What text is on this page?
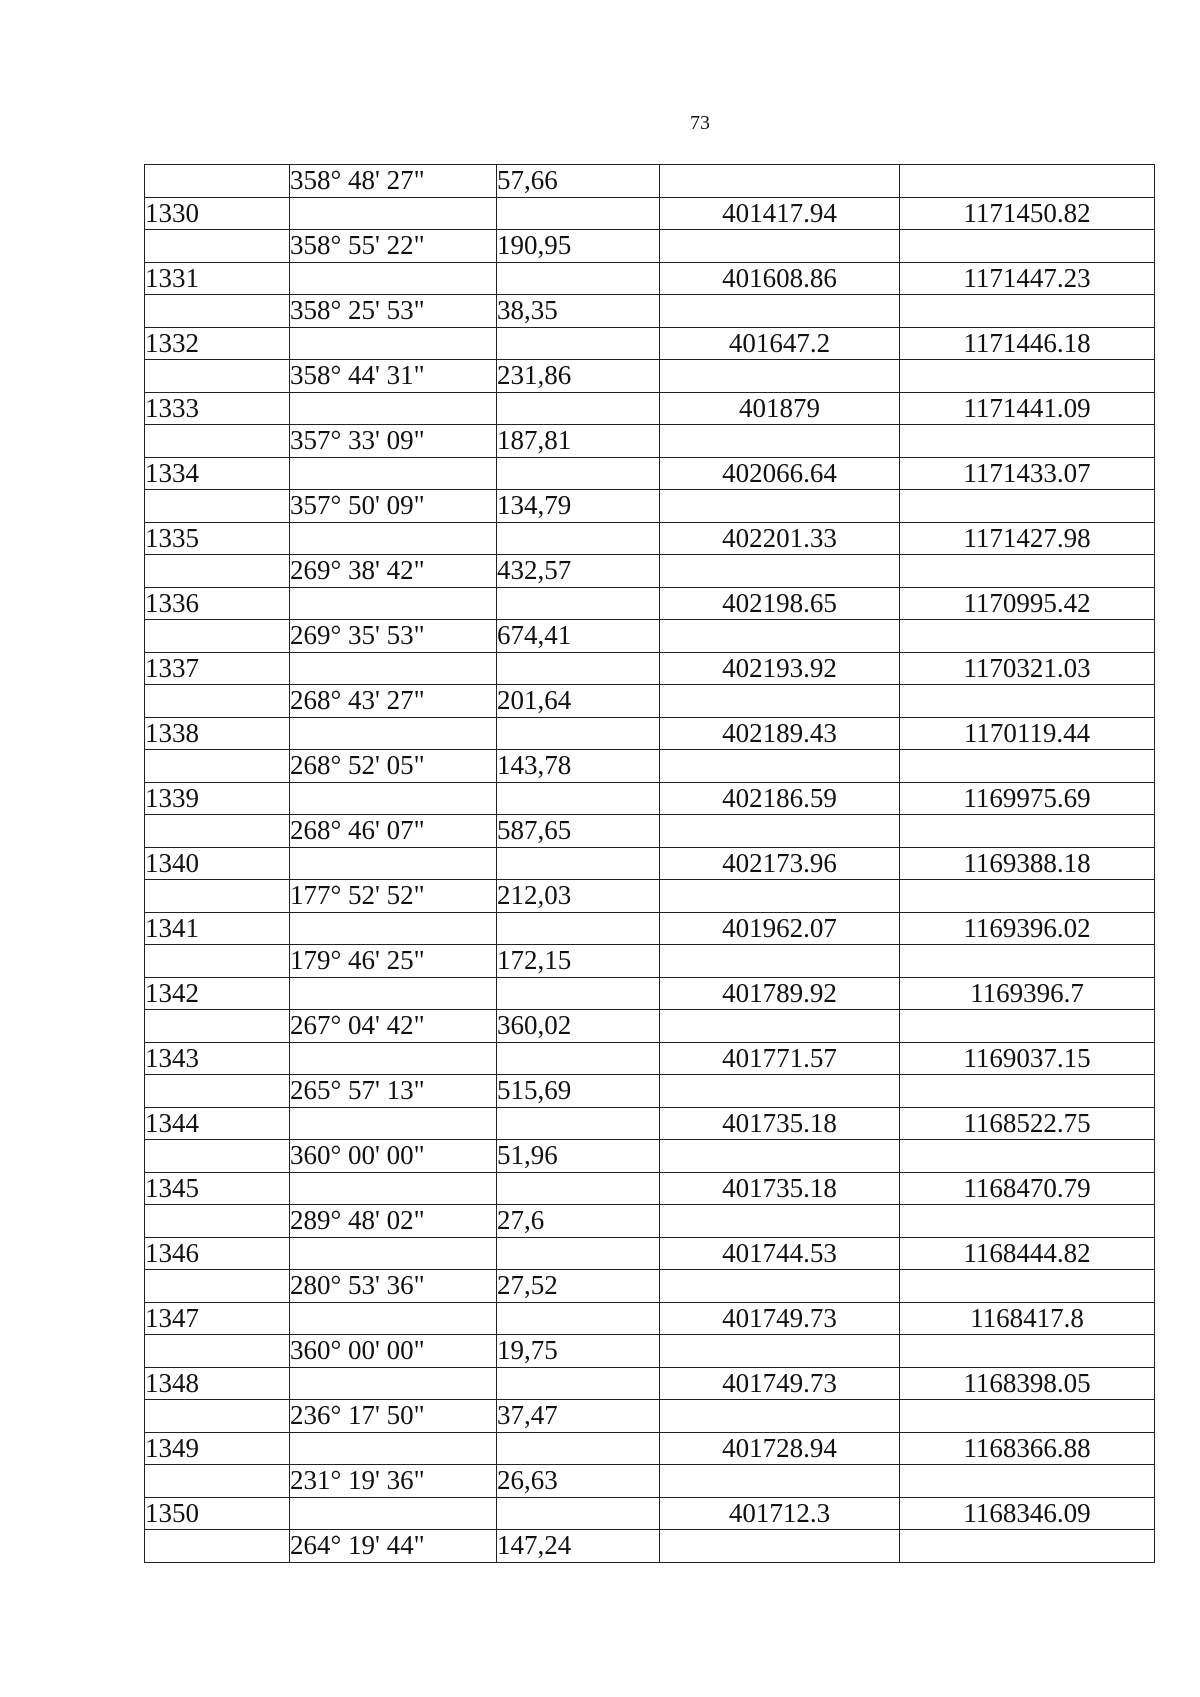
73
	358° 48' 27"	57,66		
1330			401417.94	1171450.82
	358° 55' 22"	190,95		
1331			401608.86	1171447.23
	358° 25' 53"	38,35		
1332			401647.2	1171446.18
	358° 44' 31"	231,86		
1333			401879	1171441.09
	357° 33' 09"	187,81		
1334			402066.64	1171433.07
	357° 50' 09"	134,79		
1335			402201.33	1171427.98
	269° 38' 42"	432,57		
1336			402198.65	1170995.42
	269° 35' 53"	674,41		
1337			402193.92	1170321.03
	268° 43' 27"	201,64		
1338			402189.43	1170119.44
	268° 52' 05"	143,78		
1339			402186.59	1169975.69
	268° 46' 07"	587,65		
1340			402173.96	1169388.18
	177° 52' 52"	212,03		
1341			401962.07	1169396.02
	179° 46' 25"	172,15		
1342			401789.92	1169396.7
	267° 04' 42"	360,02		
1343			401771.57	1169037.15
	265° 57' 13"	515,69		
1344			401735.18	1168522.75
	360° 00' 00"	51,96		
1345			401735.18	1168470.79
	289° 48' 02"	27,6		
1346			401744.53	1168444.82
	280° 53' 36"	27,52		
1347			401749.73	1168417.8
	360° 00' 00"	19,75		
1348			401749.73	1168398.05
	236° 17' 50"	37,47		
1349			401728.94	1168366.88
	231° 19' 36"	26,63		
1350			401712.3	1168346.09
	264° 19' 44"	147,24		
